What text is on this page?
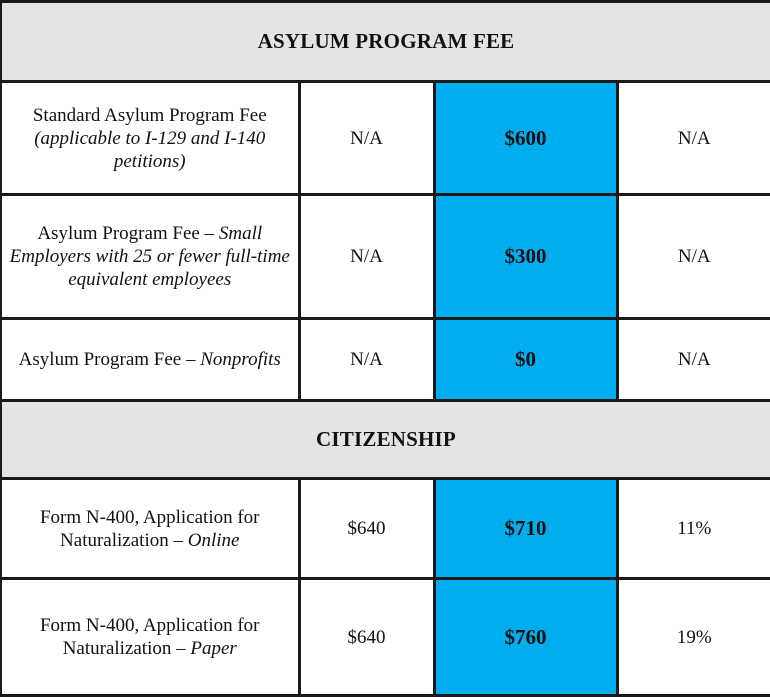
ASYLUM PROGRAM FEE			

Standard Asylum Program Fee
(applicable to I-129 and I-140
petitions)	N/A	$600	N/A

Asylum Program Fee – Small
Employers with 25 or fewer full-time
equivalent employees	N/A	$300	N/A

Asylum Program Fee – Nonprofits	N/A	$0	N/A
CITIZENSHIP			

Form N-400, Application for
Naturalization – Online	$640	$710	11%

Form N-400, Application for
Naturalization – Paper	$640	$760	19%
